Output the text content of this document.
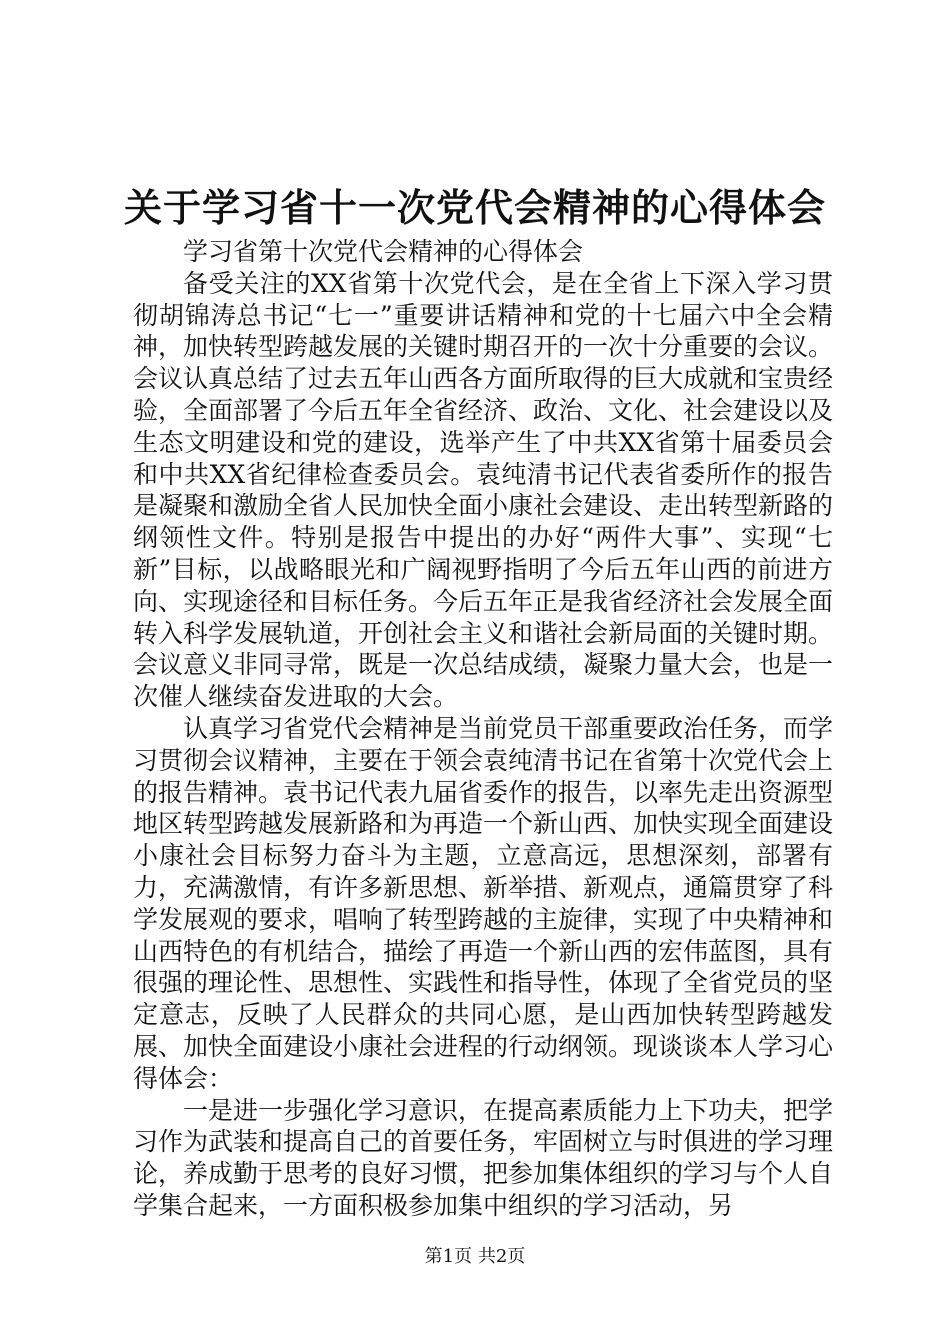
关于学习省十一次党代会精神的心得体会

学习省第十次党代会精神的心得体会

备受关注的XX省第十次党代会，是在全省上下深入学习贯彻胡锦涛总书记“七一”重要讲话精神和党的十七届六中全会精神，加快转型跨越发展的关键时期召开的一次十分重要的会议。会议认真总结了过去五年山西各方面所取得的巨大成就和宝贵经验，全面部署了今后五年全省经济、政治、文化、社会建设以及生态文明建设和党的建设，选举产生了中共XX省第十届委员会和中共XX省纪律检查委员会。袁纯清书记代表省委所作的报告是凝聚和激励全省人民加快全面小康社会建设、走出转型新路的纲领性文件。特别是报告中提出的办好“两件大事”、实现“七新”目标，以战略眼光和广阔视野指明了今后五年山西的前进方向、实现途径和目标任务。今后五年正是我省经济社会发展全面转入科学发展轨道，开创社会主义和谐社会新局面的关键时期。会议意义非同寻常，既是一次总结成绩，凝聚力量大会，也是一次催人继续奋发进取的大会。

认真学习省党代会精神是当前党员干部重要政治任务，而学习贯彻会议精神，主要在于领会袁纯清书记在省第十次党代会上的报告精神。袁书记代表九届省委作的报告，以率先走出资源型地区转型跨越发展新路和为再造一个新山西、加快实现全面建设小康社会目标努力奋斗为主题，立意高远，思想深刻，部署有力，充满激情，有许多新思想、新举措、新观点，通篇贯穿了科学发展观的要求，唱响了转型跨越的主旋律，实现了中央精神和山西特色的有机结合，描绘了再造一个新山西的宏伟蓝图，具有很强的理论性、思想性、实践性和指导性，体现了全省党员的坚定意志，反映了人民群众的共同心愿，是山西加快转型跨越发展、加快全面建设小康社会进程的行动纲领。现谈谈本人学习心得体会：

一是进一步强化学习意识，在提高素质能力上下功夫，把学习作为武装和提高自己的首要任务，牢固树立与时俱进的学习理论，养成勤于思考的良好习惯，把参加集体组织的学习与个人自学集合起来，一方面积极参加集中组织的学习活动，另

第1页 共2页
